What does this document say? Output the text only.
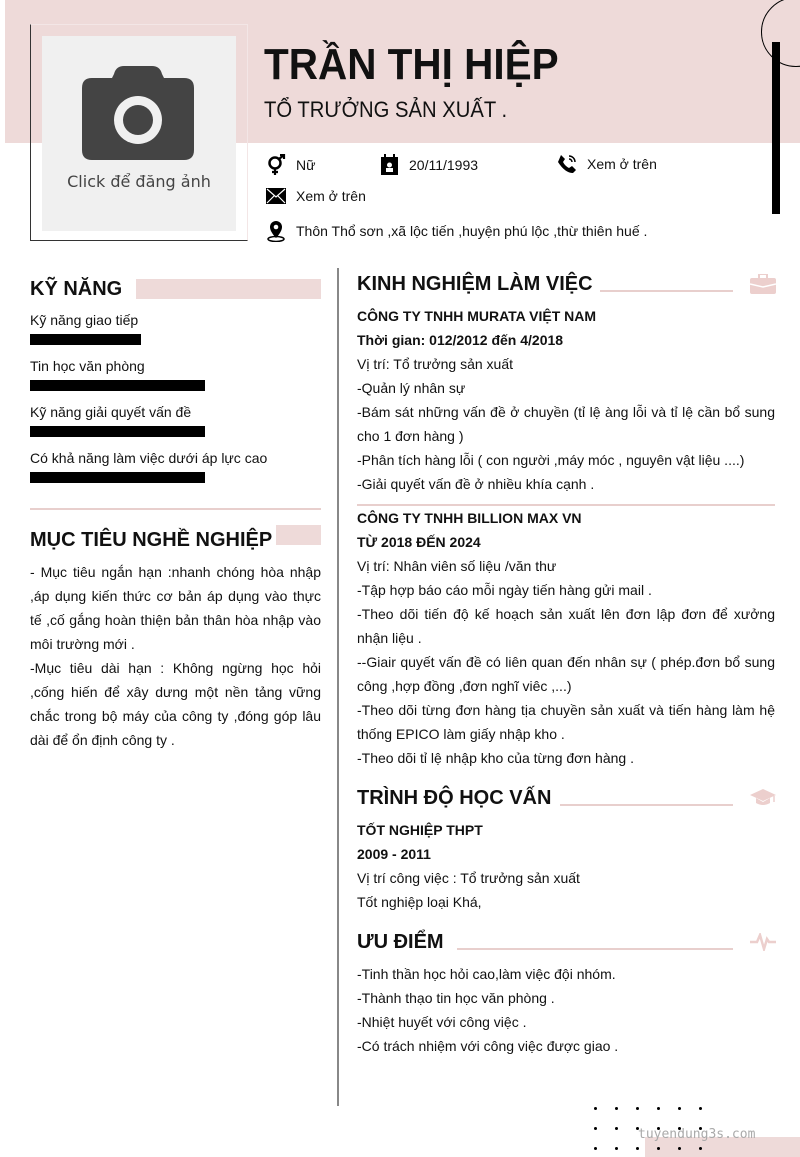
Click để đăng ảnh
TRẦN THỊ HIỆP
TỔ TRƯỞNG SẢN XUẤT .
Nữ	20/11/1993	Xem ở trên
Xem ở trên
Thôn Thổ sơn ,xã lộc tiến ,huyện phú lộc ,thừ thiên huế .
KỸ NĂNG
Kỹ năng giao tiếp
Tin học văn phòng
Kỹ năng giải quyết vấn đề
Có khả năng làm việc dưới áp lực cao
MỤC TIÊU NGHỀ NGHIỆP

- Mục tiêu ngắn hạn :nhanh chóng hòa nhập ,áp dụng kiến thức cơ bản áp dụng vào thực tế ,cố gắng hoàn thiện bản thân hòa nhập vào môi trường mới .

-Mục tiêu dài hạn : Không ngừng học hỏi ,cống hiến để xây dưng một nền tảng vững chắc trong bộ máy của công ty ,đóng góp lâu dài để ổn định công ty .

KINH NGHIỆM LÀM VIỆC
CÔNG TY TNHH MURATA VIỆT NAM
Thời gian: 012/2012 đến 4/2018
Vị trí: Tổ trưởng sản xuất
-Quản lý nhân sự
-Bám sát những vấn đề ở chuyền (tỉ lệ àng lỗi và tỉ lệ cần bổ sung cho 1 đơn hàng )
-Phân tích hàng lỗi ( con người ,máy móc , nguyên vật liệu ....)
-Giải quyết vấn đề ở nhiều khía cạnh .
CÔNG TY TNHH BILLION MAX VN
TỪ 2018 ĐẾN 2024
Vị trí: Nhân viên số liệu /văn thư
-Tập hợp báo cáo mỗi ngày tiến hàng gửi mail .
-Theo dõi tiến độ kế hoạch sản xuất lên đơn lập đơn để xưởng nhận liệu .
--Giair quyết vấn đề có liên quan đến nhân sự ( phép.đơn bổ sung công ,hợp đồng ,đơn nghĩ viêc ,...)
-Theo dõi từng đơn hàng tịa chuyền sản xuất và tiến hàng làm hệ thống EPICO làm giấy nhập kho .
-Theo dõi tỉ lệ nhập kho của từng đơn hàng .
TRÌNH ĐỘ HỌC VẤN
TỐT NGHIỆP THPT
2009 - 2011
Vị trí công việc : Tổ trưởng sản xuất
Tốt nghiệp loại Khá,
ƯU ĐIỂM
-Tinh thần học hỏi cao,làm việc đội nhóm.
-Thành thạo tin học văn phòng .
-Nhiệt huyết với công việc .
-Có trách nhiệm với công việc được giao .
tuyendung3s.com
